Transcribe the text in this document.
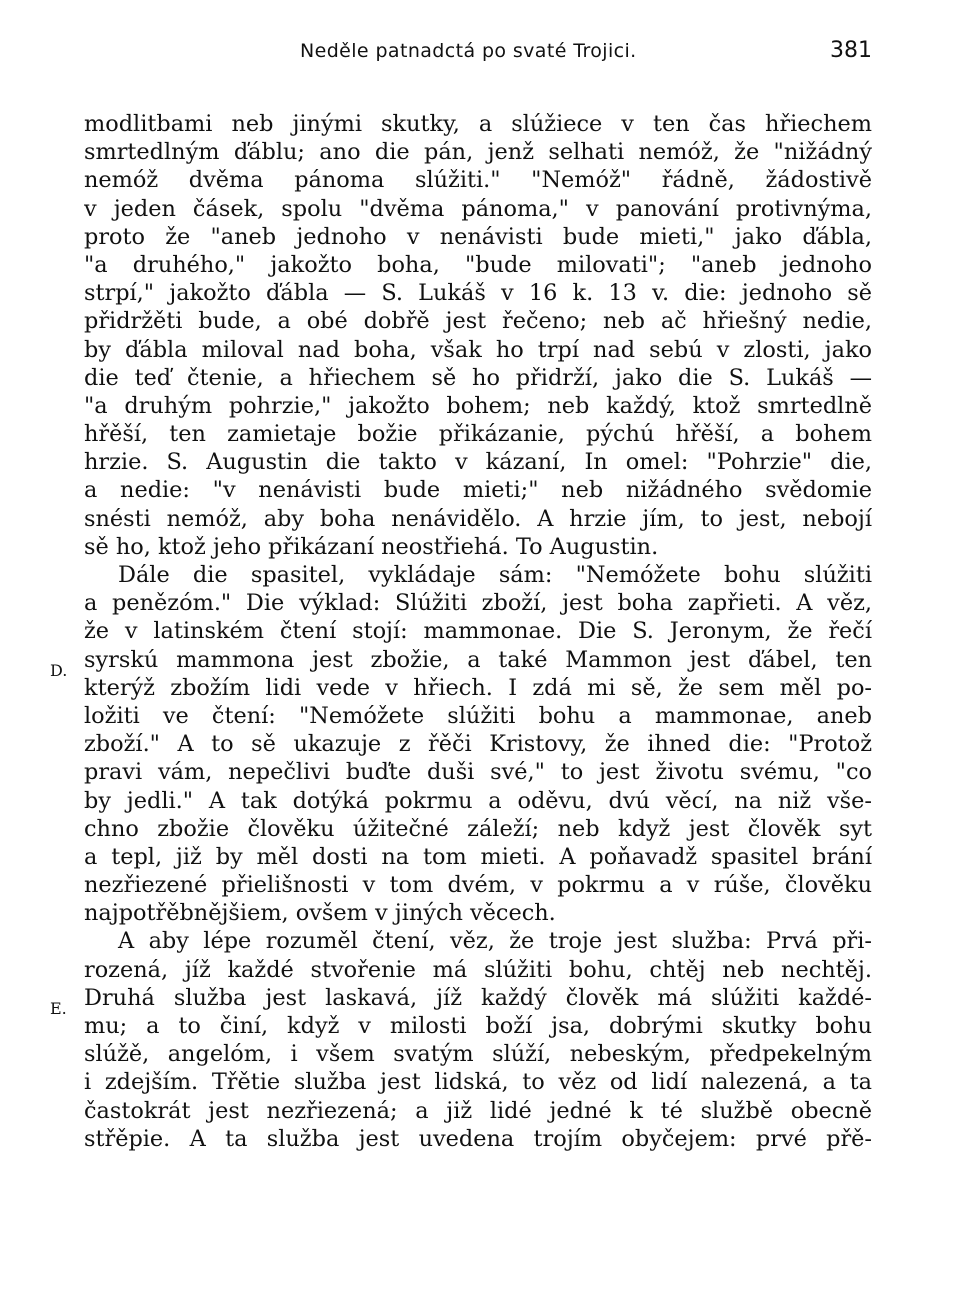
Neděle patnadctá po svaté Trojici.	381
D.
E.
modlitbami neb jinými skutky, a slúžiece v ten čas hřiechem
smrtedlným ďáblu; ano die pán, jenž selhati nemóž, že "nižádný
nemóž dvěma pánoma slúžiti." "Nemóž" řádně, žádostivě
v jeden čásek, spolu "dvěma pánoma," v panování protivnýma,
proto že "aneb jednoho v nenávisti bude mieti," jako ďábla,
"a druhého," jakožto boha, "bude milovati"; "aneb jednoho
strpí," jakožto ďábla — S. Lukáš v 16 k. 13 v. die: jednoho sě
přidržěti bude, a obé dobřě jest řečeno; neb ač hřiešný nedie,
by ďábla miloval nad boha, však ho trpí nad sebú v zlosti, jako
die teď čtenie, a hřiechem sě ho přidrží, jako die S. Lukáš —
"a druhým pohrzie," jakožto bohem; neb každý, ktož smrtedlně
hřěší, ten zamietaje božie přikázanie, pýchú hřěší, a bohem
hrzie. S. Augustin die takto v kázaní, In omel: "Pohrzie" die,
a nedie: "v nenávisti bude mieti;" neb nižádného svědomie
snésti nemóž, aby boha nenávidělo. A hrzie jím, to jest, nebojí
sě ho, ktož jeho přikázaní neostřiehá. To Augustin.
Dále die spasitel, vykládaje sám: "Nemóžete bohu slúžiti
a penězóm." Die výklad: Slúžiti zboží, jest boha zapřieti. A věz,
že v latinském čtení stojí: mammonae. Die S. Jeronym, že řečí
syrskú mammona jest zbožie, a také Mammon jest ďábel, ten
kterýž zbožím lidi vede v hřiech. I zdá mi sě, že sem měl po-
ložiti ve čtení: "Nemóžete slúžiti bohu a mammonae, aneb
zboží." A to sě ukazuje z řěči Kristovy, že ihned die: "Protož
pravi vám, nepečlivi buďte duši své," to jest životu svému, "co
by jedli." A tak dotýká pokrmu a oděvu, dvú věcí, na niž vše-
chno zbožie člověku úžitečné záleží; neb když jest člověk syt
a tepl, již by měl dosti na tom mieti. A poňavadž spasitel brání
nezřiezené přielišnosti v tom dvém, v pokrmu a v rúše, člověku
najpotřěbnějšiem, ovšem v jiných věcech.
A aby lépe rozuměl čtení, věz, že troje jest služba: Prvá při-
rozená, jíž každé stvořenie má slúžiti bohu, chtěj neb nechtěj.
Druhá služba jest laskavá, jíž každý člověk má slúžiti každé-
mu; a to činí, když v milosti boží jsa, dobrými skutky bohu
slúžě, angelóm, i všem svatým slúží, nebeským, předpekelným
i zdejším. Třětie služba jest lidská, to věz od lidí nalezená, a ta
častokrát jest nezřiezená; a již lidé jedné k té službě obecně
střěpie. A ta služba jest uvedena trojím obyčejem: prvé přě-
